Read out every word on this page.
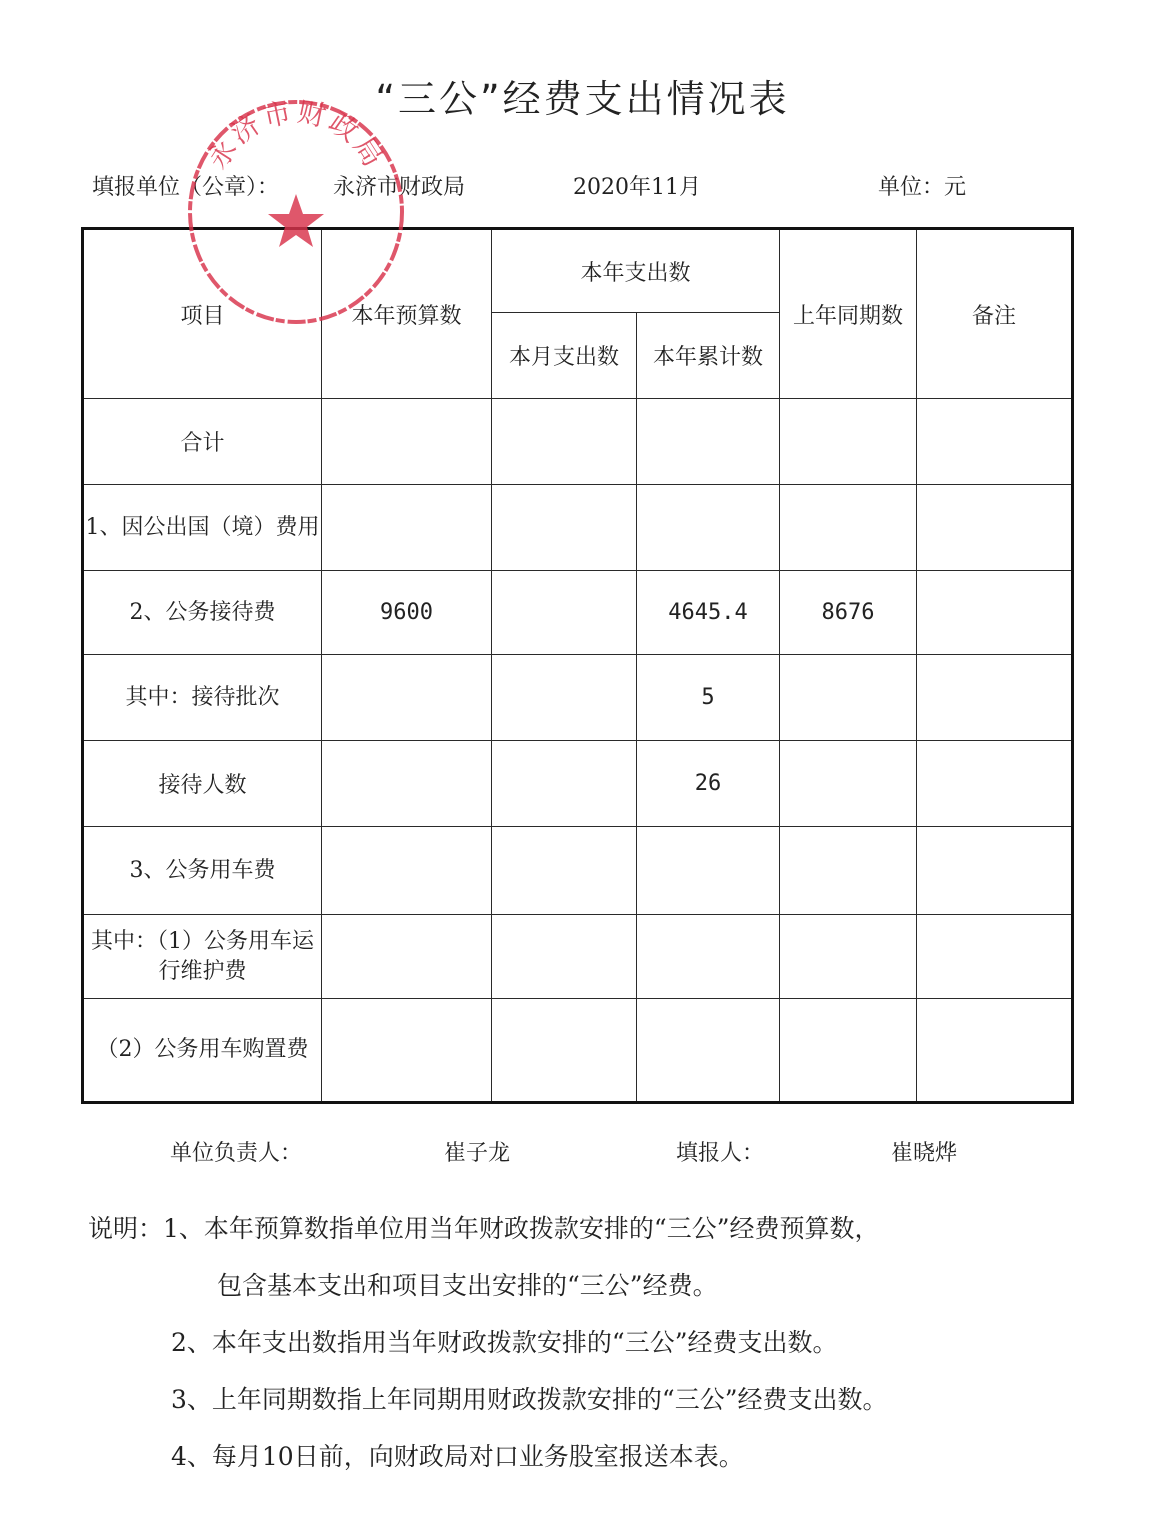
“三公”经费支出情况表
填报单位（公章）： 永济市财政局	2020年11月	单位：元
项目	本年预算数	本年支出数		上年同期数	备注
		本月支出数	本年累计数		
合计					
1、因公出国（境）费用					
2、公务接待费	9600		4645.4	8676	
其中：接待批次			5		
接待人数			26		
3、公务用车费					
其中：（1）公务用车运行维护费					
（2）公务用车购置费					
永济市财政局
单位负责人：	崔子龙	填报人：	崔晓烨
说明：1、本年预算数指单位用当年财政拨款安排的“三公”经费预算数，
包含基本支出和项目支出安排的“三公”经费。
2、本年支出数指用当年财政拨款安排的“三公”经费支出数。
3、上年同期数指上年同期用财政拨款安排的“三公”经费支出数。
4、每月10日前，向财政局对口业务股室报送本表。
